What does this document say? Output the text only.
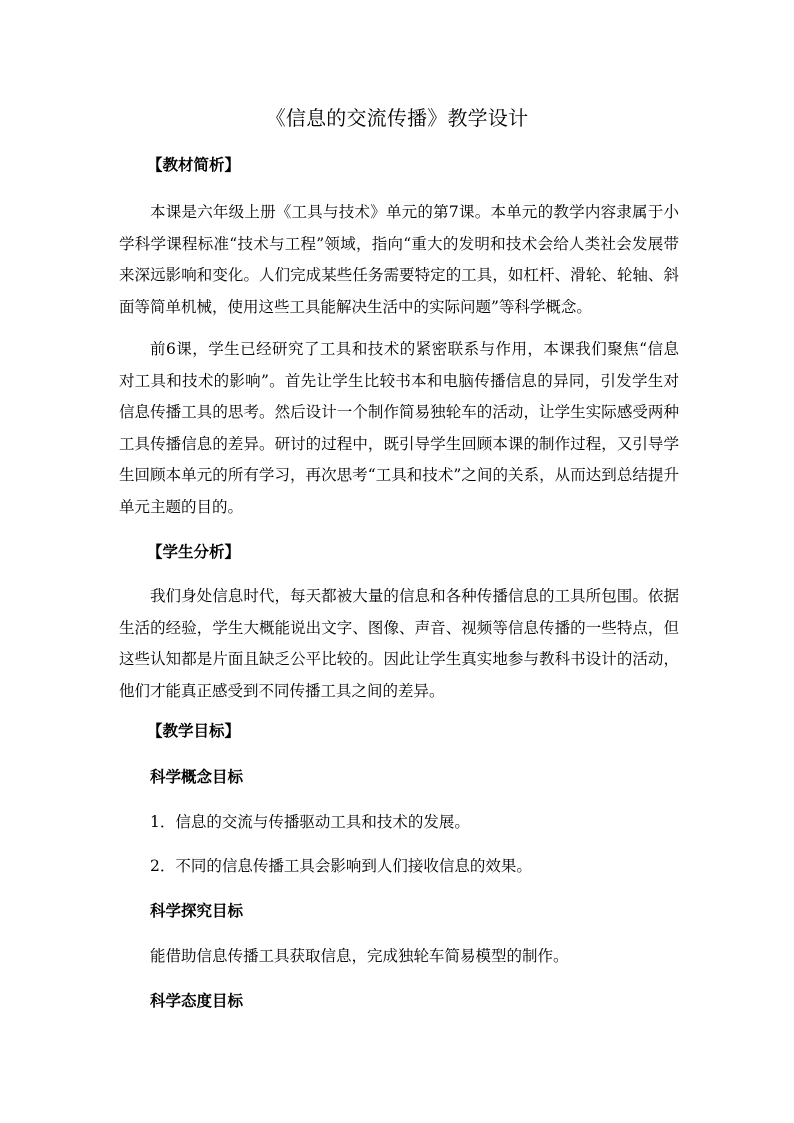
《信息的交流传播》教学设计
【教材简析】
本课是六年级上册《工具与技术》单元的第7课。本单元的教学内容隶属于小学科学课程标准“技术与工程”领域，指向“重大的发明和技术会给人类社会发展带来深远影响和变化。人们完成某些任务需要特定的工具，如杠杆、滑轮、轮轴、斜面等简单机械，使用这些工具能解决生活中的实际问题”等科学概念。
前6课，学生已经研究了工具和技术的紧密联系与作用，本课我们聚焦“信息对工具和技术的影响”。首先让学生比较书本和电脑传播信息的异同，引发学生对信息传播工具的思考。然后设计一个制作简易独轮车的活动，让学生实际感受两种工具传播信息的差异。研讨的过程中，既引导学生回顾本课的制作过程，又引导学生回顾本单元的所有学习，再次思考“工具和技术”之间的关系，从而达到总结提升单元主题的目的。
【学生分析】
我们身处信息时代，每天都被大量的信息和各种传播信息的工具所包围。依据生活的经验，学生大概能说出文字、图像、声音、视频等信息传播的一些特点，但这些认知都是片面且缺乏公平比较的。因此让学生真实地参与教科书设计的活动，他们才能真正感受到不同传播工具之间的差异。
【教学目标】
科学概念目标
1．信息的交流与传播驱动工具和技术的发展。
2．不同的信息传播工具会影响到人们接收信息的效果。
科学探究目标
能借助信息传播工具获取信息，完成独轮车简易模型的制作。
科学态度目标
